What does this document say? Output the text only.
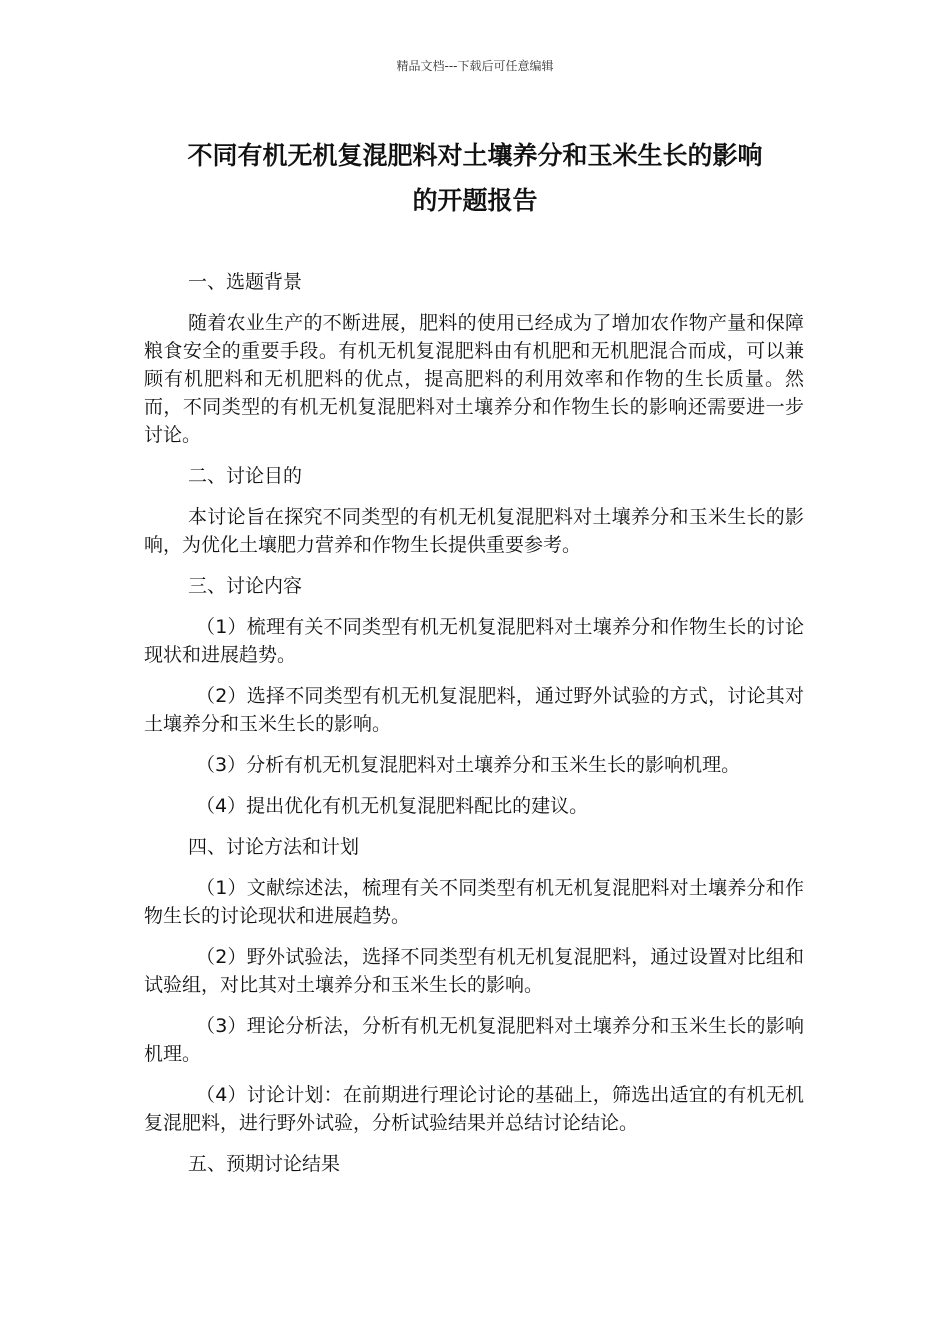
精品文档---下载后可任意编辑
不同有机无机复混肥料对土壤养分和玉米生长的影响
的开题报告

一、选题背景

随着农业生产的不断进展，肥料的使用已经成为了增加农作物产量和保障粮食安全的重要手段。有机无机复混肥料由有机肥和无机肥混合而成，可以兼顾有机肥料和无机肥料的优点，提高肥料的利用效率和作物的生长质量。然而，不同类型的有机无机复混肥料对土壤养分和作物生长的影响还需要进一步讨论。

二、讨论目的

本讨论旨在探究不同类型的有机无机复混肥料对土壤养分和玉米生长的影响，为优化土壤肥力营养和作物生长提供重要参考。

三、讨论内容

（1）梳理有关不同类型有机无机复混肥料对土壤养分和作物生长的讨论现状和进展趋势。

（2）选择不同类型有机无机复混肥料，通过野外试验的方式，讨论其对土壤养分和玉米生长的影响。

（3）分析有机无机复混肥料对土壤养分和玉米生长的影响机理。

（4）提出优化有机无机复混肥料配比的建议。

四、讨论方法和计划

（1）文献综述法，梳理有关不同类型有机无机复混肥料对土壤养分和作物生长的讨论现状和进展趋势。

（2）野外试验法，选择不同类型有机无机复混肥料，通过设置对比组和试验组，对比其对土壤养分和玉米生长的影响。

（3）理论分析法，分析有机无机复混肥料对土壤养分和玉米生长的影响机理。

（4）讨论计划：在前期进行理论讨论的基础上，筛选出适宜的有机无机复混肥料，进行野外试验，分析试验结果并总结讨论结论。

五、预期讨论结果
